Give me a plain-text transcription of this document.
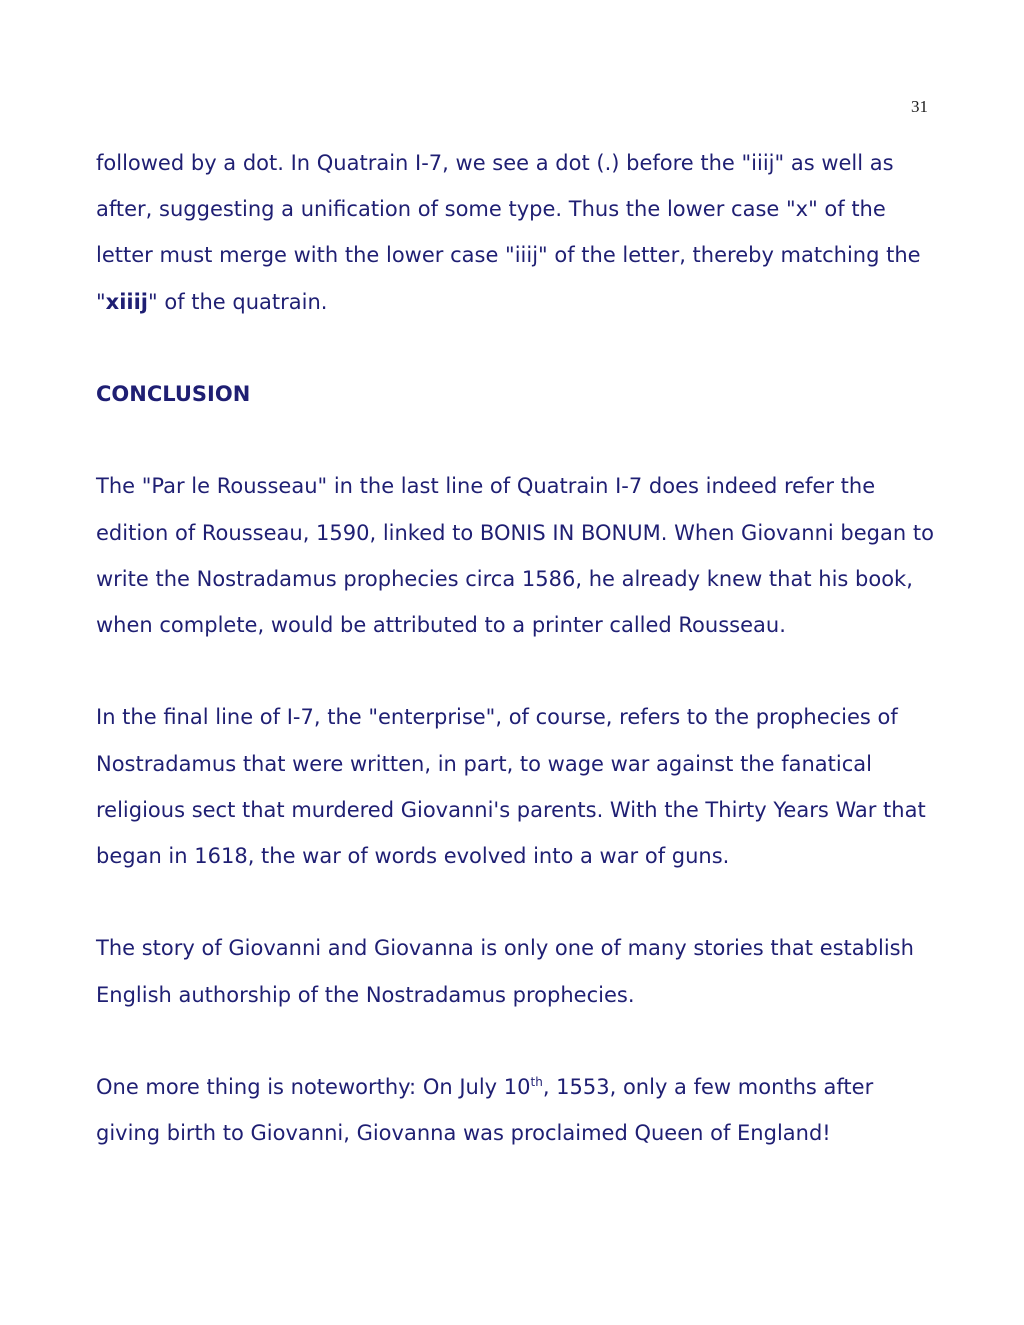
31

followed by a dot. In Quatrain I-7, we see a dot (.) before the "iiij" as well as after, suggesting a unification of some type. Thus the lower case "x" of the letter must merge with the lower case "iiij" of the letter, thereby matching the "xiiij" of the quatrain.

CONCLUSION

The "Par le Rousseau" in the last line of Quatrain I-7 does indeed refer the edition of Rousseau, 1590, linked to BONIS IN BONUM. When Giovanni began to write the Nostradamus prophecies circa 1586, he already knew that his book, when complete, would be attributed to a printer called Rousseau.

In the final line of I-7, the "enterprise", of course, refers to the prophecies of Nostradamus that were written, in part, to wage war against the fanatical religious sect that murdered Giovanni's parents. With the Thirty Years War that began in 1618, the war of words evolved into a war of guns.

The story of Giovanni and Giovanna is only one of many stories that establish English authorship of the Nostradamus prophecies.

One more thing is noteworthy: On July 10th, 1553, only a few months after giving birth to Giovanni, Giovanna was proclaimed Queen of England!
